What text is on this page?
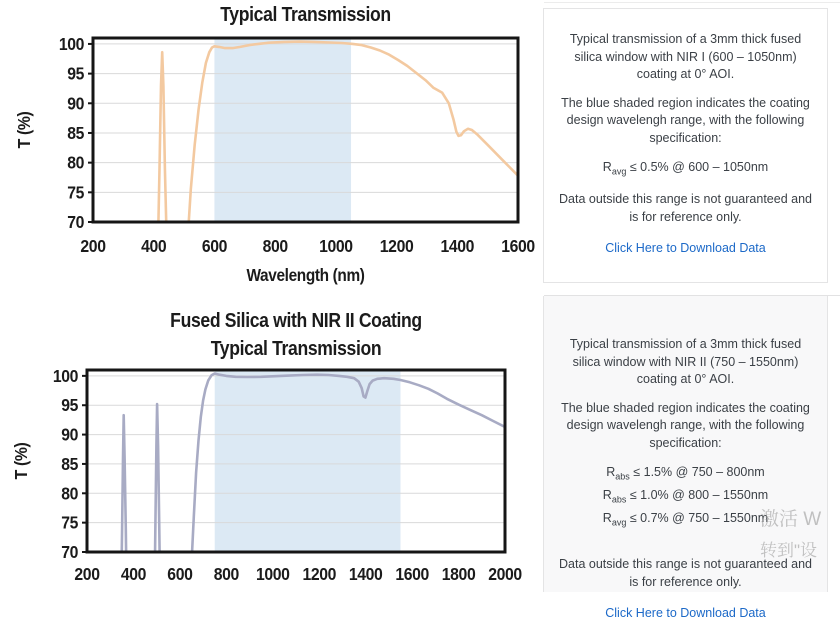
Typical Transmission
70
75
80
85
90
95
100
200 400 600 800 1000 1200 1400 1600
Wavelength (nm)
T (%)

Typical transmission of a 3mm thick fused silica window with NIR I (600 – 1050nm) coating at 0° AOI.

The blue shaded region indicates the coating design wavelengh range, with the following specification:

$R_{avg} \le 0.5\%$ @ 600 – 1050nm

Data outside this range is not guaranteed and is for reference only.

Click Here to Download Data
Fused Silica with NIR II Coating
Typical Transmission
70
75
80
85
90
95
100
200 400 600 800 1000 1200 1400 1600 1800 2000
T (%)

Typical transmission of a 3mm thick fused silica window with NIR II (750 – 1550nm) coating at 0° AOI.

The blue shaded region indicates the coating design wavelengh range, with the following specification:

$R_{abs} \le 1.5\%$ @ 750 – 800nm

$R_{abs} \le 1.0\%$ @ 800 – 1550nm

$R_{avg} \le 0.7\%$ @ 750 – 1550nm

Data outside this range is not guaranteed and is for reference only.

Click Here to Download Data
激活 W
转到"设
